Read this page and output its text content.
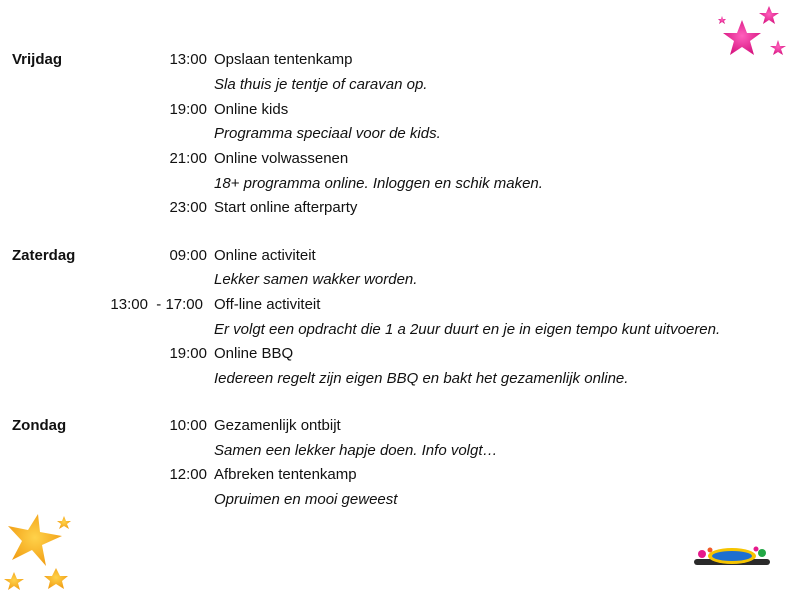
Vrijdag	13:00 Opslaan tentenkamp
Sla thuis je tentje of caravan op.
19:00 Online kids
Programma speciaal voor de kids.
21:00 Online volwassenen
18+ programma online. Inloggen en schik maken.
23:00 Start online afterparty
Zaterdag	09:00 Online activiteit
Lekker samen wakker worden.
13:00  - 17:00 Off-line activiteit
Er volgt een opdracht die 1 a 2uur duurt en je in eigen tempo kunt uitvoeren.
19:00 Online BBQ
Iedereen regelt zijn eigen BBQ en bakt het gezamenlijk online.
Zondag	10:00 Gezamenlijk ontbijt
Samen een lekker hapje doen. Info volgt…
12:00 Afbreken tentenkamp
Opruimen en mooi geweest
